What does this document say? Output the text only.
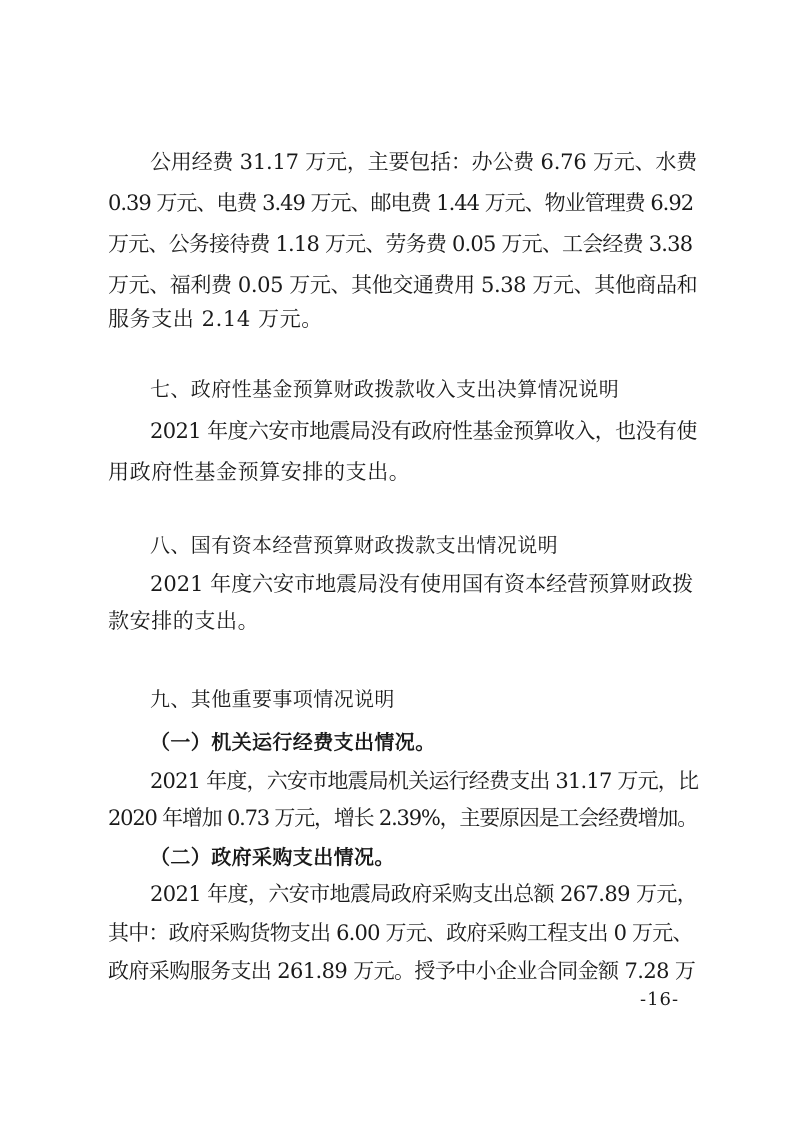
公用经费 31.17 万元，主要包括：办公费 6.76 万元、水费
0.39 万元、电费 3.49 万元、邮电费 1.44 万元、物业管理费 6.92
万元、公务接待费 1.18 万元、劳务费 0.05 万元、工会经费 3.38
万元、福利费 0.05 万元、其他交通费用 5.38 万元、其他商品和
服务支出 2.14 万元。
七、政府性基金预算财政拨款收入支出决算情况说明
2021 年度六安市地震局没有政府性基金预算收入，也没有使
用政府性基金预算安排的支出。
八、国有资本经营预算财政拨款支出情况说明
2021 年度六安市地震局没有使用国有资本经营预算财政拨
款安排的支出。
九、其他重要事项情况说明
（一）机关运行经费支出情况。
2021 年度，六安市地震局机关运行经费支出 31.17 万元，比
2020 年增加 0.73 万元，增长 2.39%，主要原因是工会经费增加。
（二）政府采购支出情况。
2021 年度，六安市地震局政府采购支出总额 267.89 万元，
其中：政府采购货物支出 6.00 万元、政府采购工程支出 0 万元、
政府采购服务支出 261.89 万元。授予中小企业合同金额 7.28 万
-16-
